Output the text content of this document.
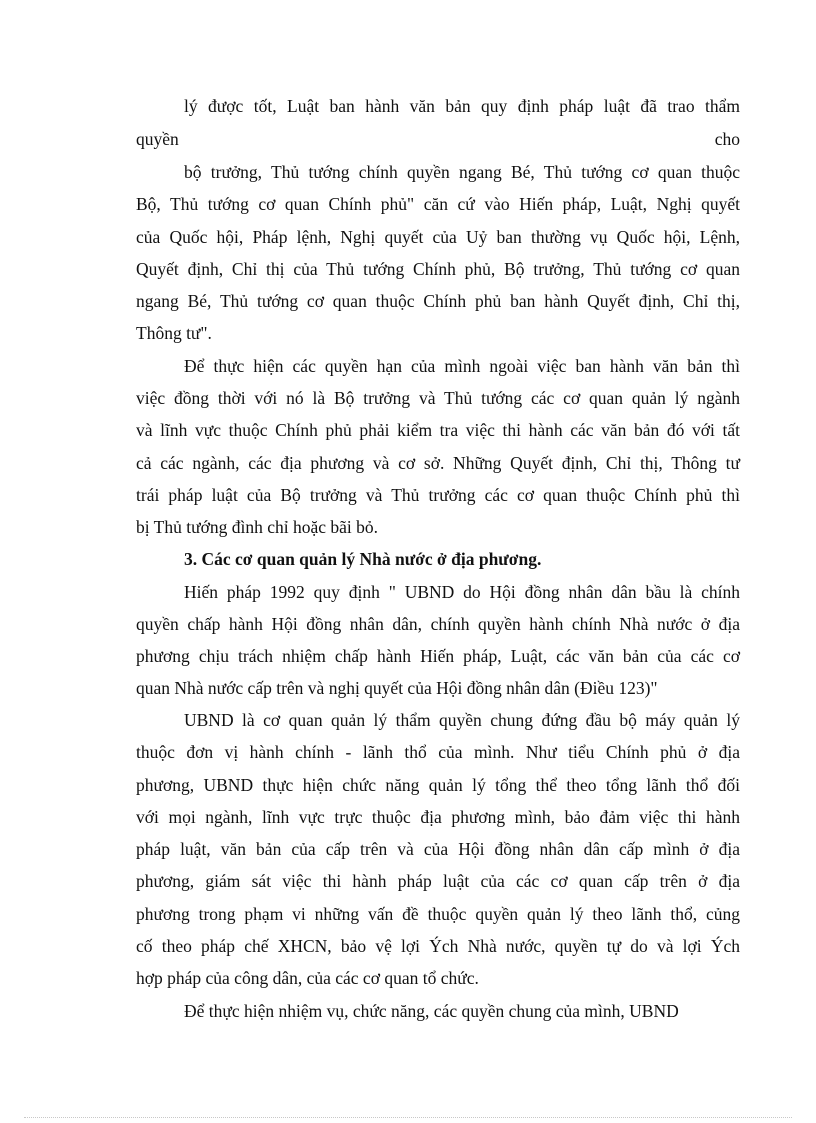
lý được tốt, Luật ban hành văn bản quy định pháp luật đã trao thẩm
quyền cho
bộ trưởng, Thủ tướng chính quyền ngang Bé, Thủ tướng cơ quan thuộc
Bộ, Thủ tướng cơ quan Chính phủ" căn cứ vào Hiến pháp, Luật, Nghị quyết
của Quốc hội, Pháp lệnh, Nghị quyết của Uỷ ban thường vụ Quốc hội, Lệnh,
Quyết định, Chỉ thị của Thủ tướng Chính phủ, Bộ trưởng, Thủ tướng cơ quan
ngang Bé, Thủ tướng cơ quan thuộc Chính phủ ban hành Quyết định, Chỉ thị,
Thông tư".
Để thực hiện các quyền hạn của mình ngoài việc ban hành văn bản thì
việc đồng thời với nó là Bộ trưởng và Thủ tướng các cơ quan quản lý ngành
và lĩnh vực thuộc Chính phủ phải kiểm tra việc thi hành các văn bản đó với tất
cả các ngành, các địa phương và cơ sở. Những Quyết định, Chỉ thị, Thông tư
trái pháp luật của Bộ trưởng và Thủ trưởng các cơ quan thuộc Chính phủ thì
bị Thủ tướng đình chỉ hoặc bãi bỏ.
3. Các cơ quan quản lý Nhà nước ở địa phương.
Hiến pháp 1992 quy định " UBND do Hội đồng nhân dân bầu là chính
quyền chấp hành Hội đồng nhân dân, chính quyền hành chính Nhà nước ở địa
phương chịu trách nhiệm chấp hành Hiến pháp, Luật, các văn bản của các cơ
quan Nhà nước cấp trên và nghị quyết của Hội đồng nhân dân (Điều 123)"
UBND là cơ quan quản lý thẩm quyền chung đứng đầu bộ máy quản lý
thuộc đơn vị hành chính - lãnh thổ của mình. Như tiểu Chính phủ ở địa
phương, UBND thực hiện chức năng quản lý tổng thể theo tổng lãnh thổ đối
với mọi ngành, lĩnh vực trực thuộc địa phương mình, bảo đảm việc thi hành
pháp luật, văn bản của cấp trên và của Hội đồng nhân dân cấp mình ở địa
phương, giám sát việc thi hành pháp luật của các cơ quan cấp trên ở địa
phương trong phạm vi những vấn đề thuộc quyền quản lý theo lãnh thổ, củng
cố theo pháp chế XHCN, bảo vệ lợi Ých Nhà nước, quyền tự do và lợi Ých
hợp pháp của công dân, của các cơ quan tổ chức.
Để thực hiện nhiệm vụ, chức năng, các quyền chung của mình, UBND
